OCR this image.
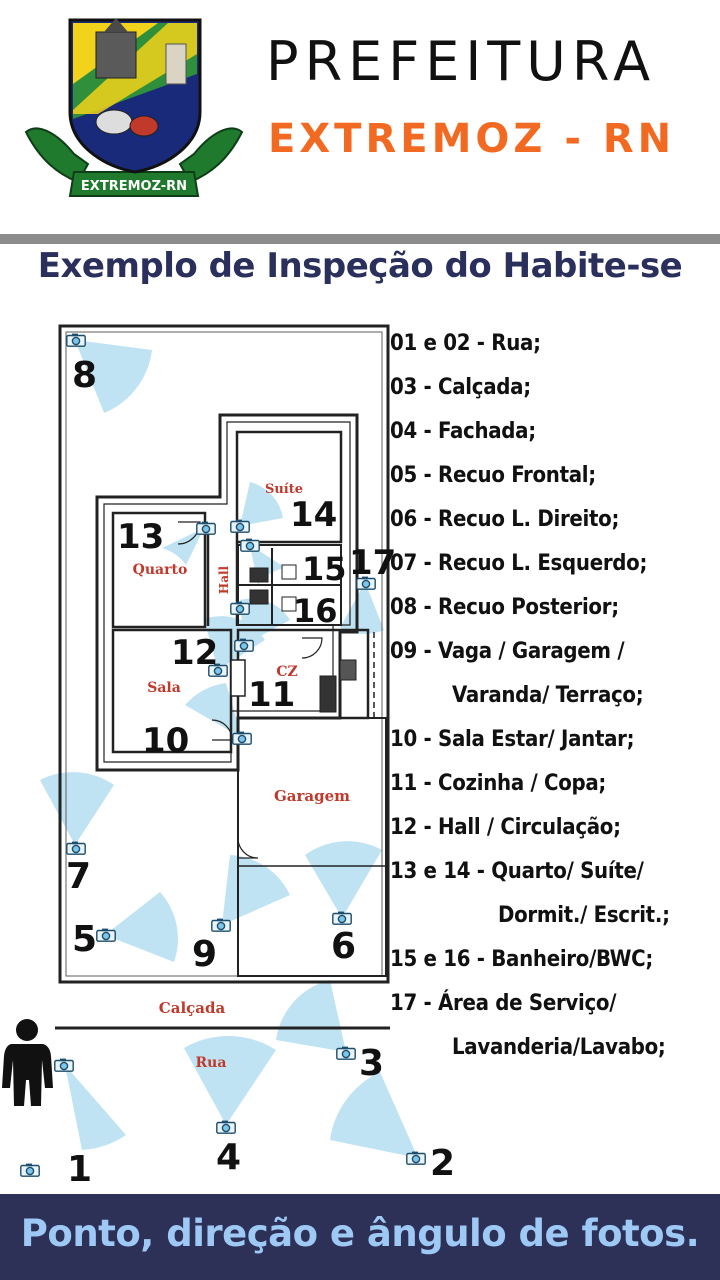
EXTREMOZ-RN
PREFEITURA
EXTREMOZ - RN
Exemplo de Inspeção do Habite-se
Suíte
Quarto Hall
Sala
CZ
Garagem
Calçada
Rua
8
7
5	9	6
10
11
12
13
14
15
16
17
1	2
3
4
01 e 02 - Rua;
03 - Calçada;
04 - Fachada;
05 - Recuo Frontal;
06 - Recuo L. Direito;
07 - Recuo L. Esquerdo;
08 - Recuo Posterior;
09 - Vaga / Garagem /
Varanda/ Terraço;
10 - Sala Estar/ Jantar;
11 - Cozinha / Copa;
12 - Hall / Circulação;
13 e 14 - Quarto/ Suíte/
Dormit./ Escrit.;
15 e 16 - Banheiro/BWC;
17 - Área de Serviço/
Lavanderia/Lavabo;
Ponto, direção e ângulo de fotos.
